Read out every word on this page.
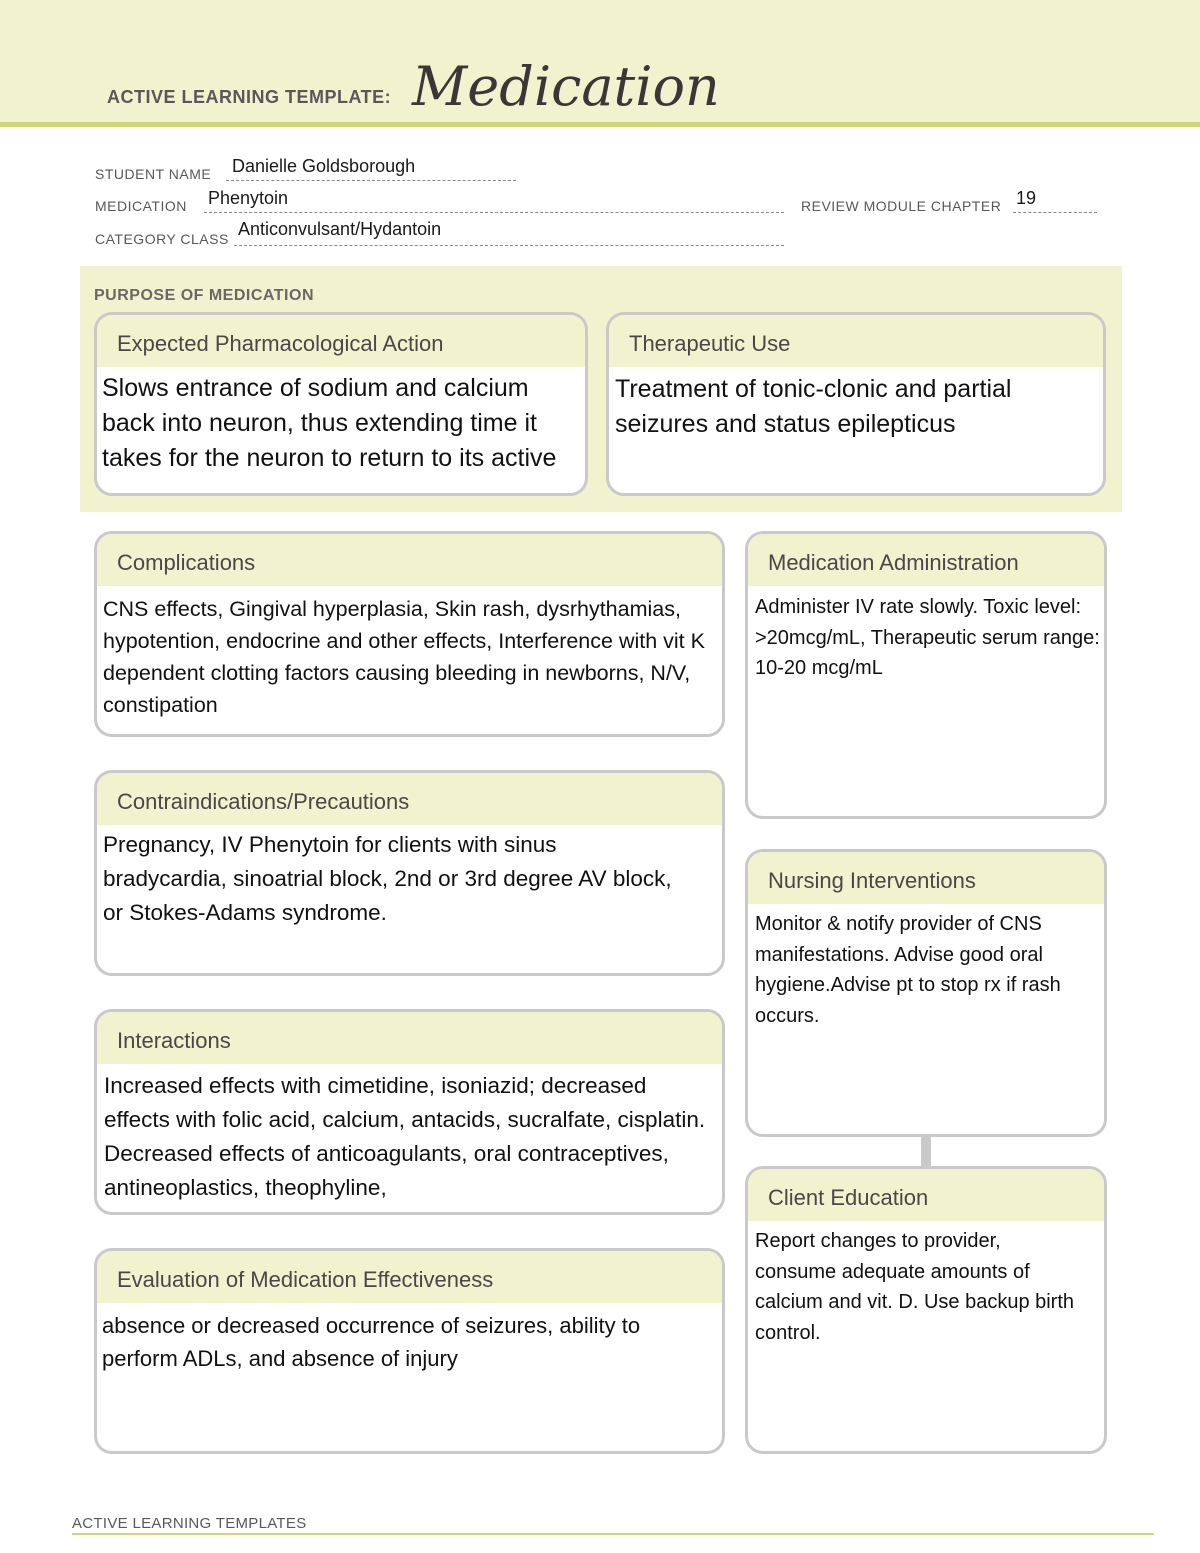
ACTIVE LEARNING TEMPLATE: Medication
STUDENT NAME Danielle Goldsborough
MEDICATION Phenytoin	REVIEW MODULE CHAPTER 19
CATEGORY CLASS Anticonvulsant/Hydantoin
PURPOSE OF MEDICATION
Expected Pharmacological Action
Slows entrance of sodium and calcium back into neuron, thus extending time it takes for the neuron to return to its active
Therapeutic Use
Treatment of tonic-clonic and partial seizures and status epilepticus
Complications
CNS effects, Gingival hyperplasia, Skin rash, dysrhythamias, hypotention, endocrine and other effects, Interference with vit K dependent clotting factors causing bleeding in newborns, N/V, constipation
Medication Administration
Administer IV rate slowly. Toxic level: >20mcg/mL, Therapeutic serum range: 10-20 mcg/mL
Contraindications/Precautions
Pregnancy, IV Phenytoin for clients with sinus bradycardia, sinoatrial block, 2nd or 3rd degree AV block, or Stokes-Adams syndrome.
Nursing Interventions
Monitor & notify provider of CNS manifestations. Advise good oral hygiene.Advise pt to stop rx if rash occurs.
Interactions
Increased effects with cimetidine, isoniazid; decreased effects with folic acid, calcium, antacids, sucralfate, cisplatin. Decreased effects of anticoagulants, oral contraceptives, antineoplastics, theophyline,	Client Education
Report changes to provider, consume adequate amounts of calcium and vit. D. Use backup birth control.
Evaluation of Medication Effectiveness
absence or decreased occurrence of seizures, ability to perform ADLs, and absence of injury
ACTIVE LEARNING TEMPLATES
